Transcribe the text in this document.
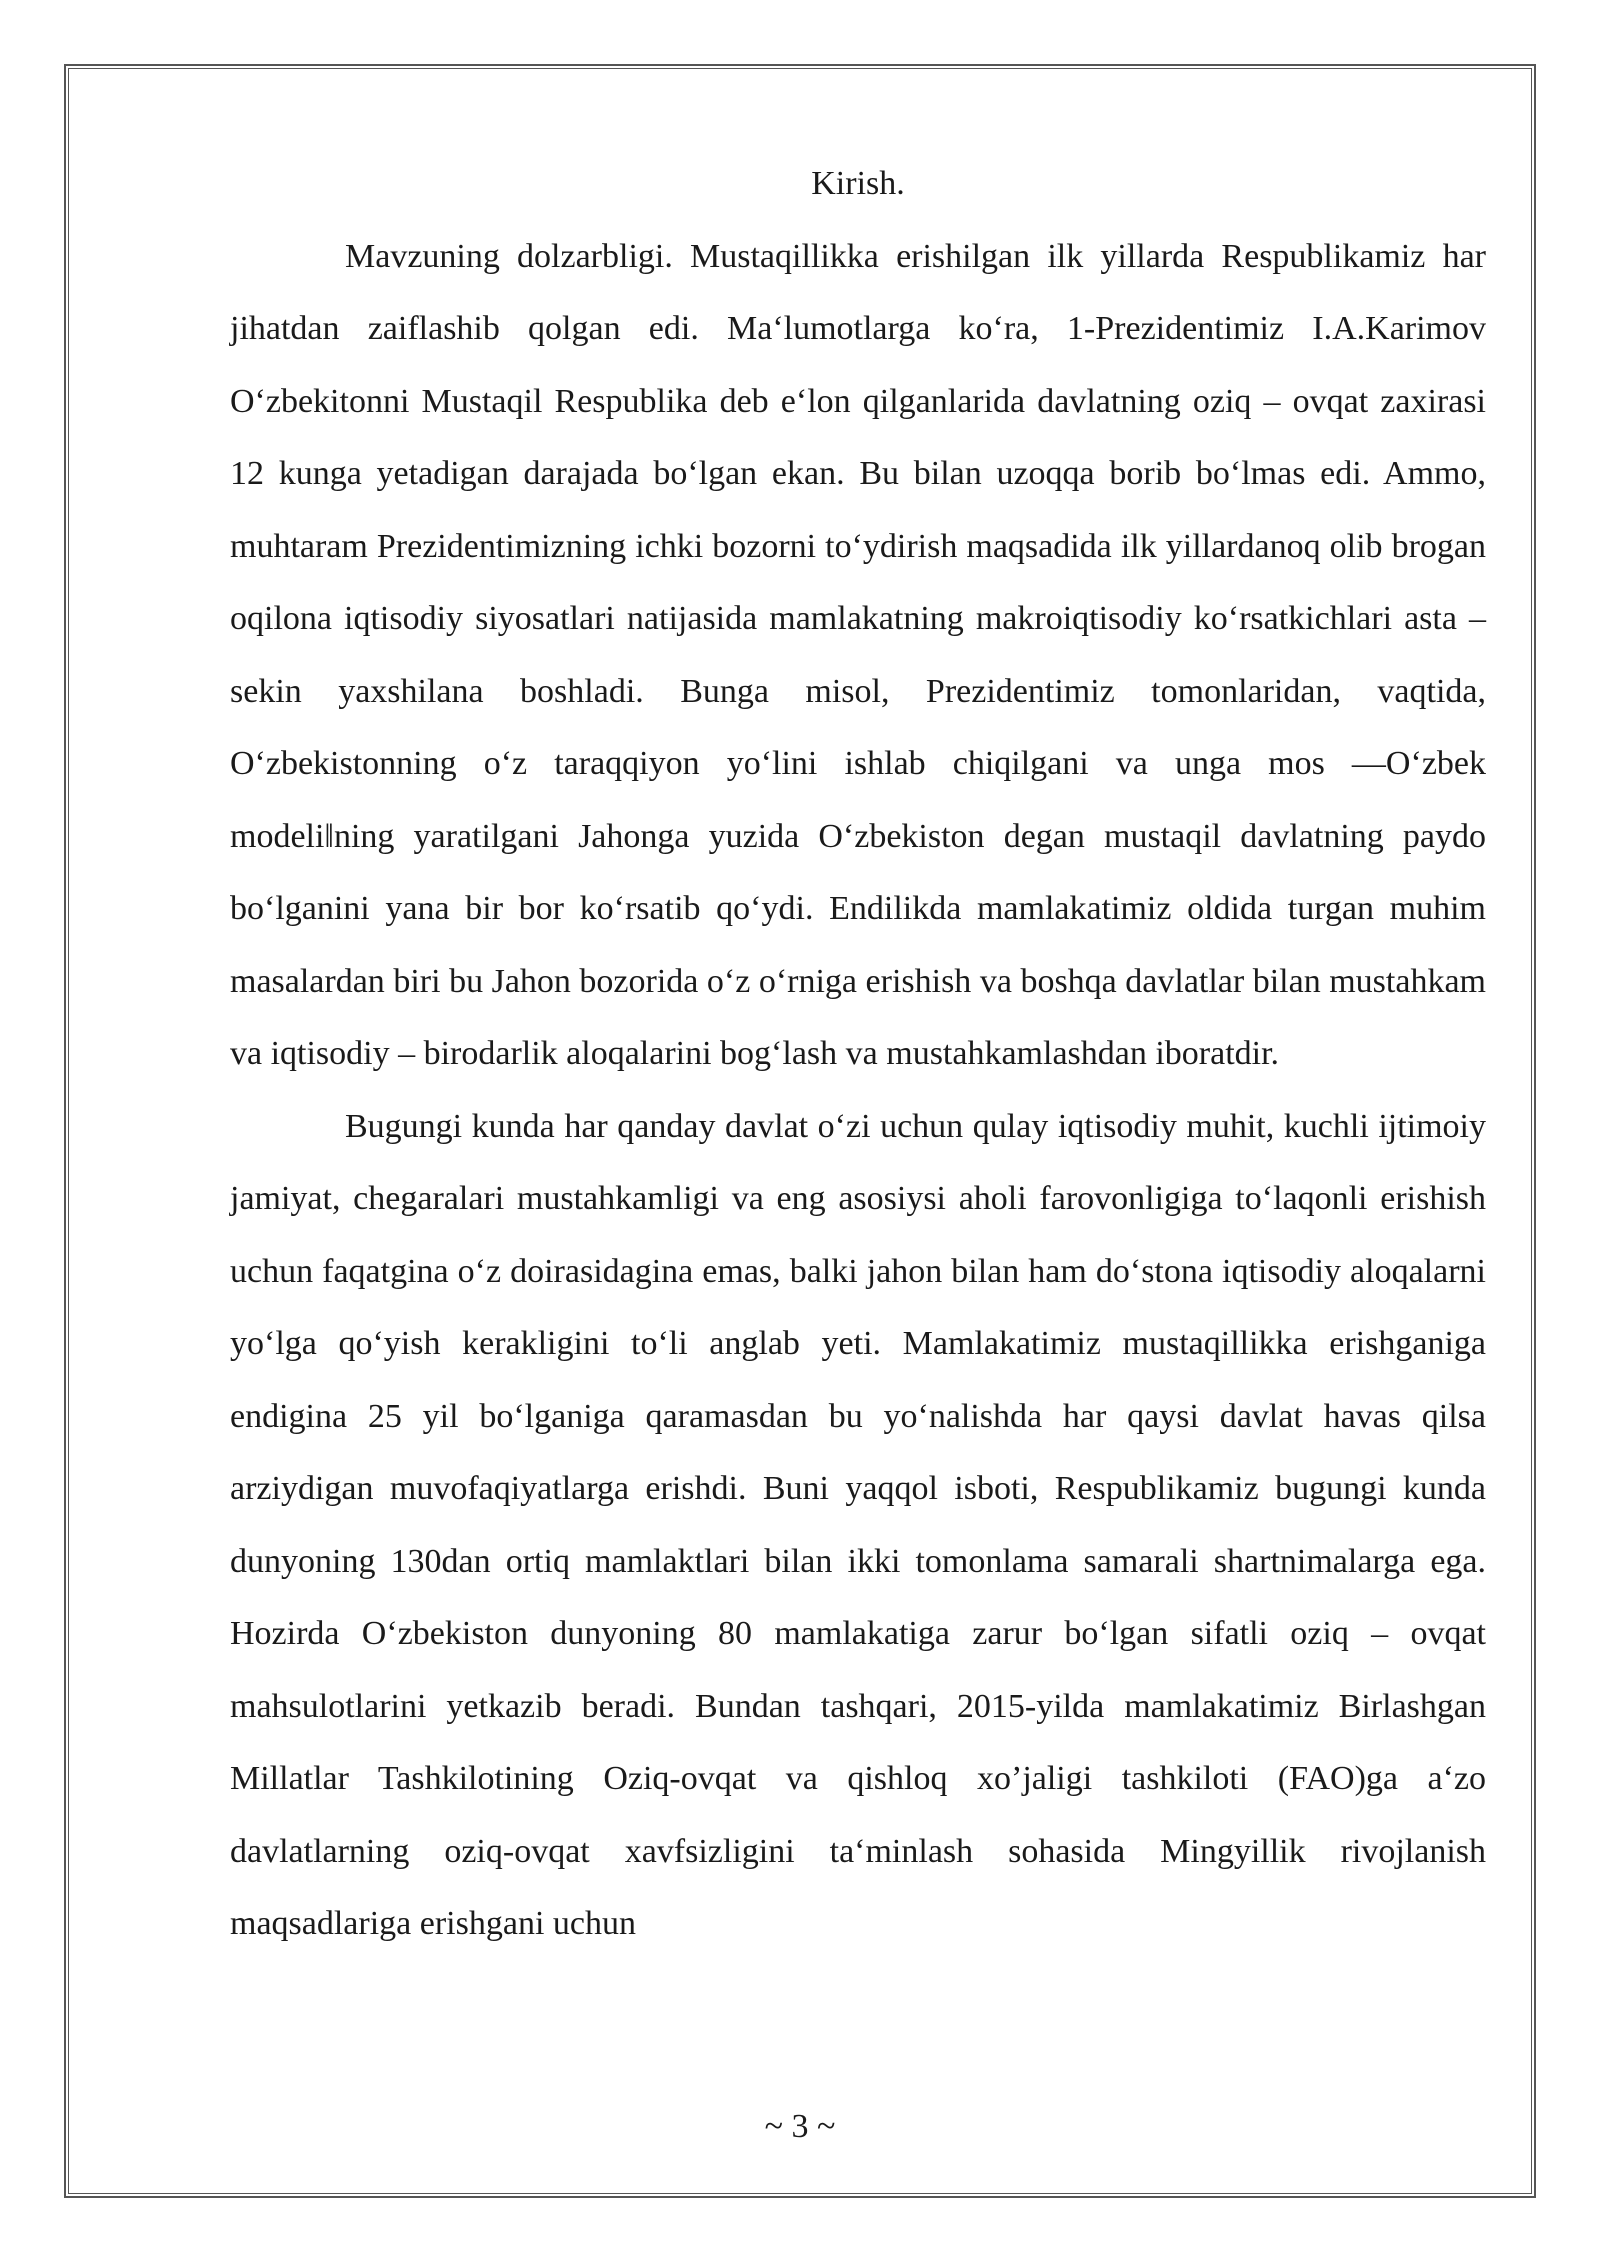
Kirish.

Mavzuning dolzarbligi. Mustaqillikka erishilgan ilk yillarda Respublikamiz har jihatdan zaiflashib qolgan edi. Ma‘lumotlarga ko‘ra, 1-Prezidentimiz I.A.Karimov O‘zbekitonni Mustaqil Respublika deb e‘lon qilganlarida davlatning oziq – ovqat zaxirasi 12 kunga yetadigan darajada bo‘lgan ekan. Bu bilan uzoqqa borib bo‘lmas edi. Ammo, muhtaram Prezidentimizning ichki bozorni to‘ydirish maqsadida ilk yillardanoq olib brogan oqilona iqtisodiy siyosatlari natijasida mamlakatning makroiqtisodiy ko‘rsatkichlari asta – sekin yaxshilana boshladi. Bunga misol, Prezidentimiz tomonlaridan, vaqtida, O‘zbekistonning o‘z taraqqiyon yo‘lini ishlab chiqilgani va unga mos ―O‘zbek modeli‖ning yaratilgani Jahonga yuzida O‘zbekiston degan mustaqil davlatning paydo bo‘lganini yana bir bor ko‘rsatib qo‘ydi. Endilikda mamlakatimiz oldida turgan muhim masalardan biri bu Jahon bozorida o‘z o‘rniga erishish va boshqa davlatlar bilan mustahkam va iqtisodiy – birodarlik aloqalarini bog‘lash va mustahkamlashdan iboratdir.

Bugungi kunda har qanday davlat o‘zi uchun qulay iqtisodiy muhit, kuchli ijtimoiy jamiyat, chegaralari mustahkamligi va eng asosiysi aholi farovonligiga to‘laqonli erishish uchun faqatgina o‘z doirasidagina emas, balki jahon bilan ham do‘stona iqtisodiy aloqalarni yo‘lga qo‘yish kerakligini to‘li anglab yeti. Mamlakatimiz mustaqillikka erishganiga endigina 25 yil bo‘lganiga qaramasdan bu yo‘nalishda har qaysi davlat havas qilsa arziydigan muvofaqiyatlarga erishdi. Buni yaqqol isboti, Respublikamiz bugungi kunda dunyoning 130dan ortiq mamlaktlari bilan ikki tomonlama samarali shartnimalarga ega. Hozirda O‘zbekiston dunyoning 80 mamlakatiga zarur bo‘lgan sifatli oziq – ovqat mahsulotlarini yetkazib beradi. Bundan tashqari, 2015-yilda mamlakatimiz Birlashgan Millatlar Tashkilotining Oziq-ovqat va qishloq xo’jaligi tashkiloti (FAO)ga a‘zo davlatlarning oziq-ovqat xavfsizligini ta‘minlash sohasida Mingyillik rivojlanish maqsadlariga erishgani uchun

~ 3 ~
